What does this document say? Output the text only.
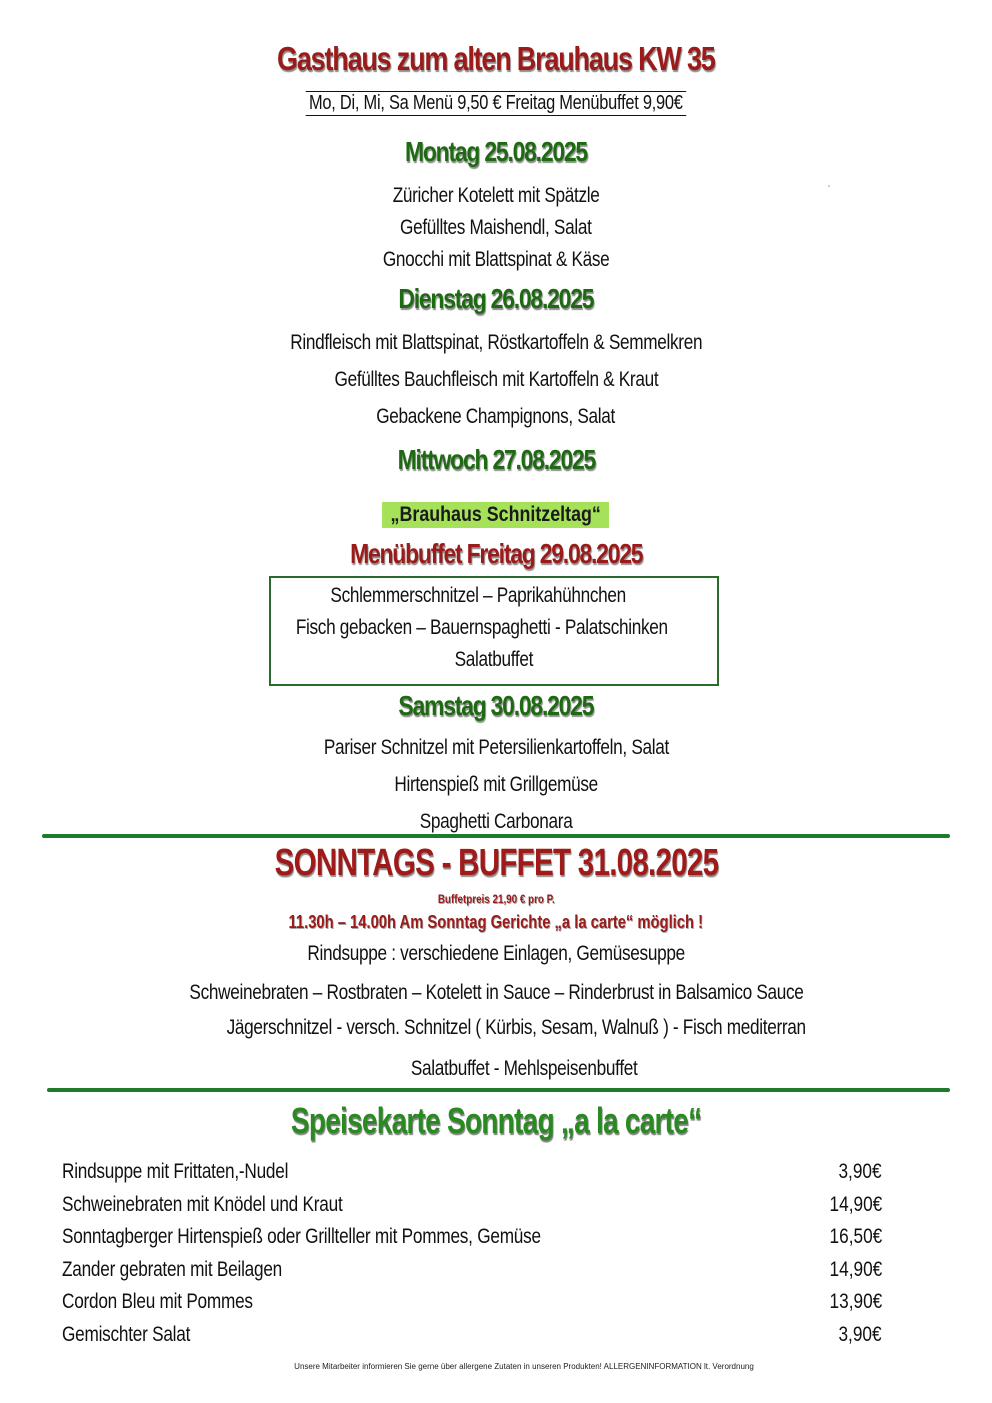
Gasthaus zum alten Brauhaus KW 35
Mo, Di, Mi, Sa Menü 9,50 € Freitag Menübuffet 9,90€
Montag 25.08.2025
Züricher Kotelett mit Spätzle
Gefülltes Maishendl, Salat
Gnocchi mit Blattspinat & Käse
Dienstag 26.08.2025
Rindfleisch mit Blattspinat, Röstkartoffeln & Semmelkren
Gefülltes Bauchfleisch mit Kartoffeln & Kraut
Gebackene Champignons, Salat
Mittwoch 27.08.2025
„Brauhaus Schnitzeltag“
Menübuffet Freitag 29.08.2025
Schlemmerschnitzel – Paprikahühnchen
Fisch gebacken – Bauernspaghetti - Palatschinken
Salatbuffet
Samstag 30.08.2025
Pariser Schnitzel mit Petersilienkartoffeln, Salat
Hirtenspieß mit Grillgemüse
Spaghetti Carbonara
SONNTAGS - BUFFET 31.08.2025
Buffetpreis 21,90 € pro P.
11.30h – 14.00h Am Sonntag Gerichte „a la carte“ möglich !
Rindsuppe : verschiedene Einlagen, Gemüsesuppe
Schweinebraten – Rostbraten – Kotelett in Sauce – Rinderbrust in Balsamico Sauce
Jägerschnitzel - versch. Schnitzel ( Kürbis, Sesam, Walnuß ) - Fisch mediterran
Salatbuffet - Mehlspeisenbuffet
Speisekarte Sonntag „a la carte“
Rindsuppe mit Frittaten,-Nudel	3,90€
Schweinebraten mit Knödel und Kraut	14,90€
Sonntagberger Hirtenspieß oder Grillteller mit Pommes, Gemüse	16,50€
Zander gebraten mit Beilagen	14,90€
Cordon Bleu mit Pommes	13,90€
Gemischter Salat	3,90€
Unsere Mitarbeiter informieren Sie gerne über allergene Zutaten in unseren Produkten! ALLERGENINFORMATION lt. Verordnung
